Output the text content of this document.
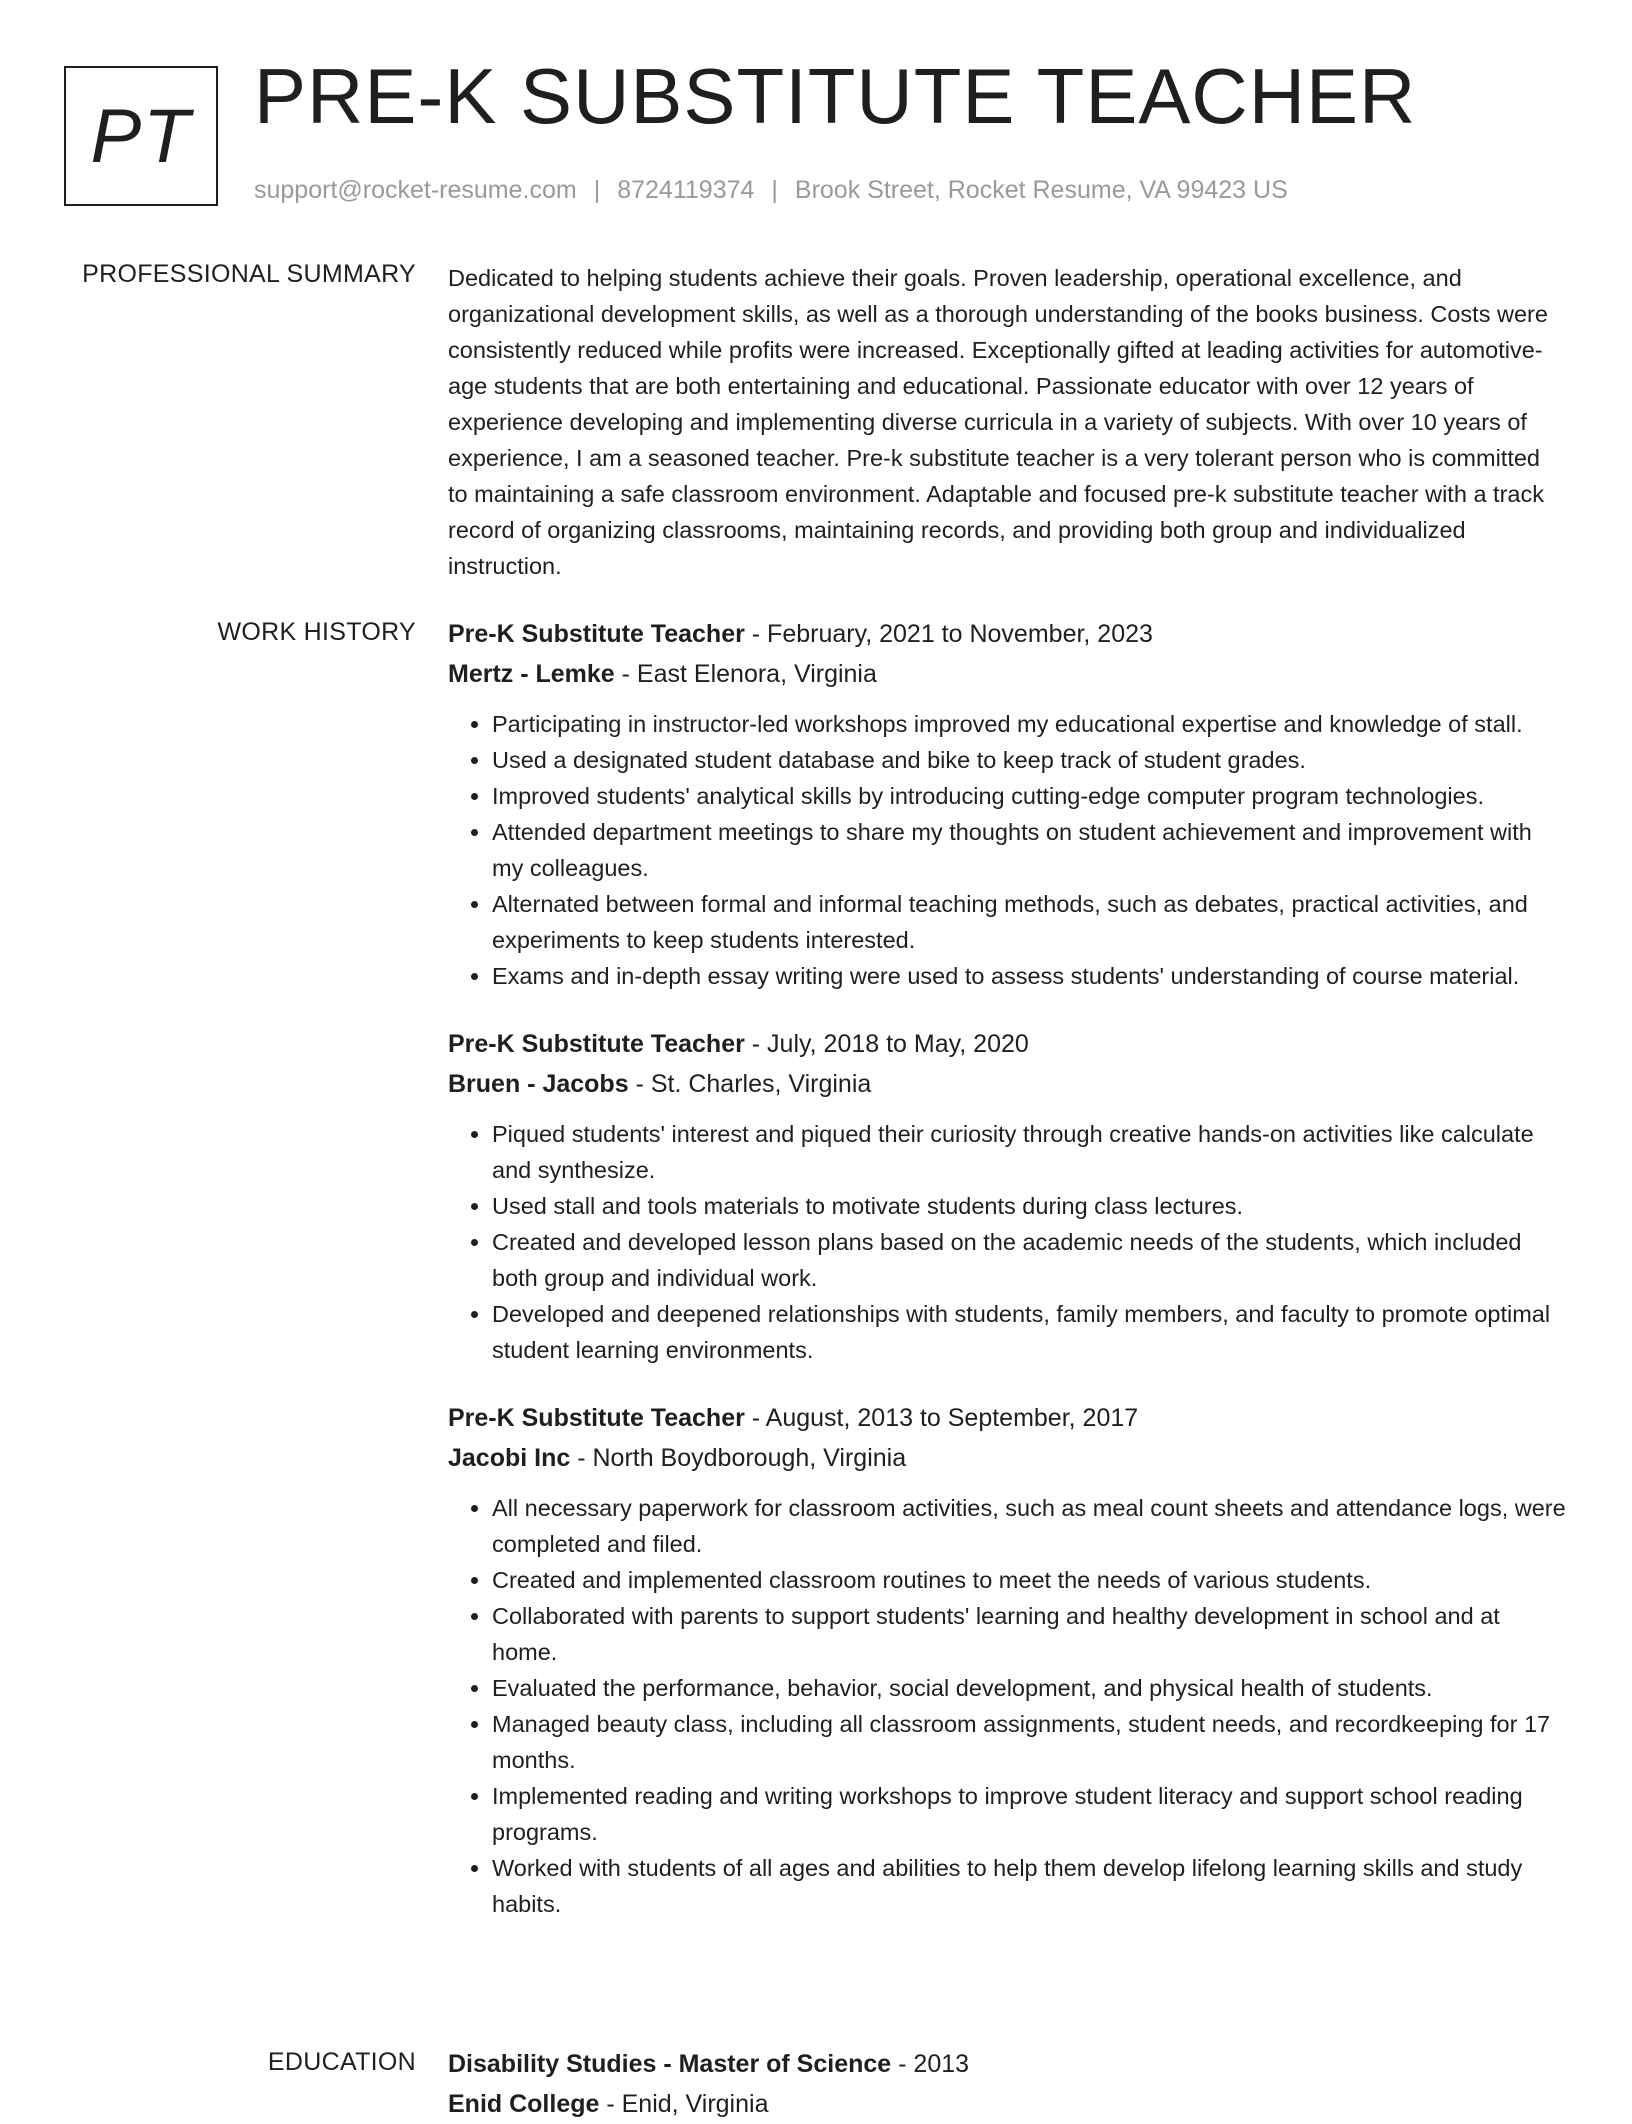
PT PRE-K SUBSTITUTE TEACHER
support@rocket-resume.com | 8724119374 | Brook Street, Rocket Resume, VA 99423 US
PROFESSIONAL SUMMARY Dedicated to helping students achieve their goals. Proven leadership, operational excellence, and organizational development skills, as well as a thorough understanding of the books business. Costs were consistently reduced while profits were increased. Exceptionally gifted at leading activities for automotive-age students that are both entertaining and educational. Passionate educator with over 12 years of experience developing and implementing diverse curricula in a variety of subjects. With over 10 years of experience, I am a seasoned teacher. Pre-k substitute teacher is a very tolerant person who is committed to maintaining a safe classroom environment. Adaptable and focused pre-k substitute teacher with a track record of organizing classrooms, maintaining records, and providing both group and individualized instruction.
WORK HISTORY Pre-K Substitute Teacher - February, 2021 to November, 2023
Mertz - Lemke - East Elenora, Virginia
• Participating in instructor-led workshops improved my educational expertise and knowledge of stall.
• Used a designated student database and bike to keep track of student grades.
• Improved students' analytical skills by introducing cutting-edge computer program technologies.
• Attended department meetings to share my thoughts on student achievement and improvement with my colleagues.
• Alternated between formal and informal teaching methods, such as debates, practical activities, and experiments to keep students interested.
• Exams and in-depth essay writing were used to assess students' understanding of course material.
Pre-K Substitute Teacher - July, 2018 to May, 2020
Bruen - Jacobs - St. Charles, Virginia
• Piqued students' interest and piqued their curiosity through creative hands-on activities like calculate and synthesize.
• Used stall and tools materials to motivate students during class lectures.
• Created and developed lesson plans based on the academic needs of the students, which included both group and individual work.
• Developed and deepened relationships with students, family members, and faculty to promote optimal student learning environments.
Pre-K Substitute Teacher - August, 2013 to September, 2017
Jacobi Inc - North Boydborough, Virginia
• All necessary paperwork for classroom activities, such as meal count sheets and attendance logs, were completed and filed.
• Created and implemented classroom routines to meet the needs of various students.
• Collaborated with parents to support students' learning and healthy development in school and at home.
• Evaluated the performance, behavior, social development, and physical health of students.
• Managed beauty class, including all classroom assignments, student needs, and recordkeeping for 17 months.
• Implemented reading and writing workshops to improve student literacy and support school reading programs.
• Worked with students of all ages and abilities to help them develop lifelong learning skills and study habits.
EDUCATION Disability Studies - Master of Science - 2013
Enid College - Enid, Virginia
